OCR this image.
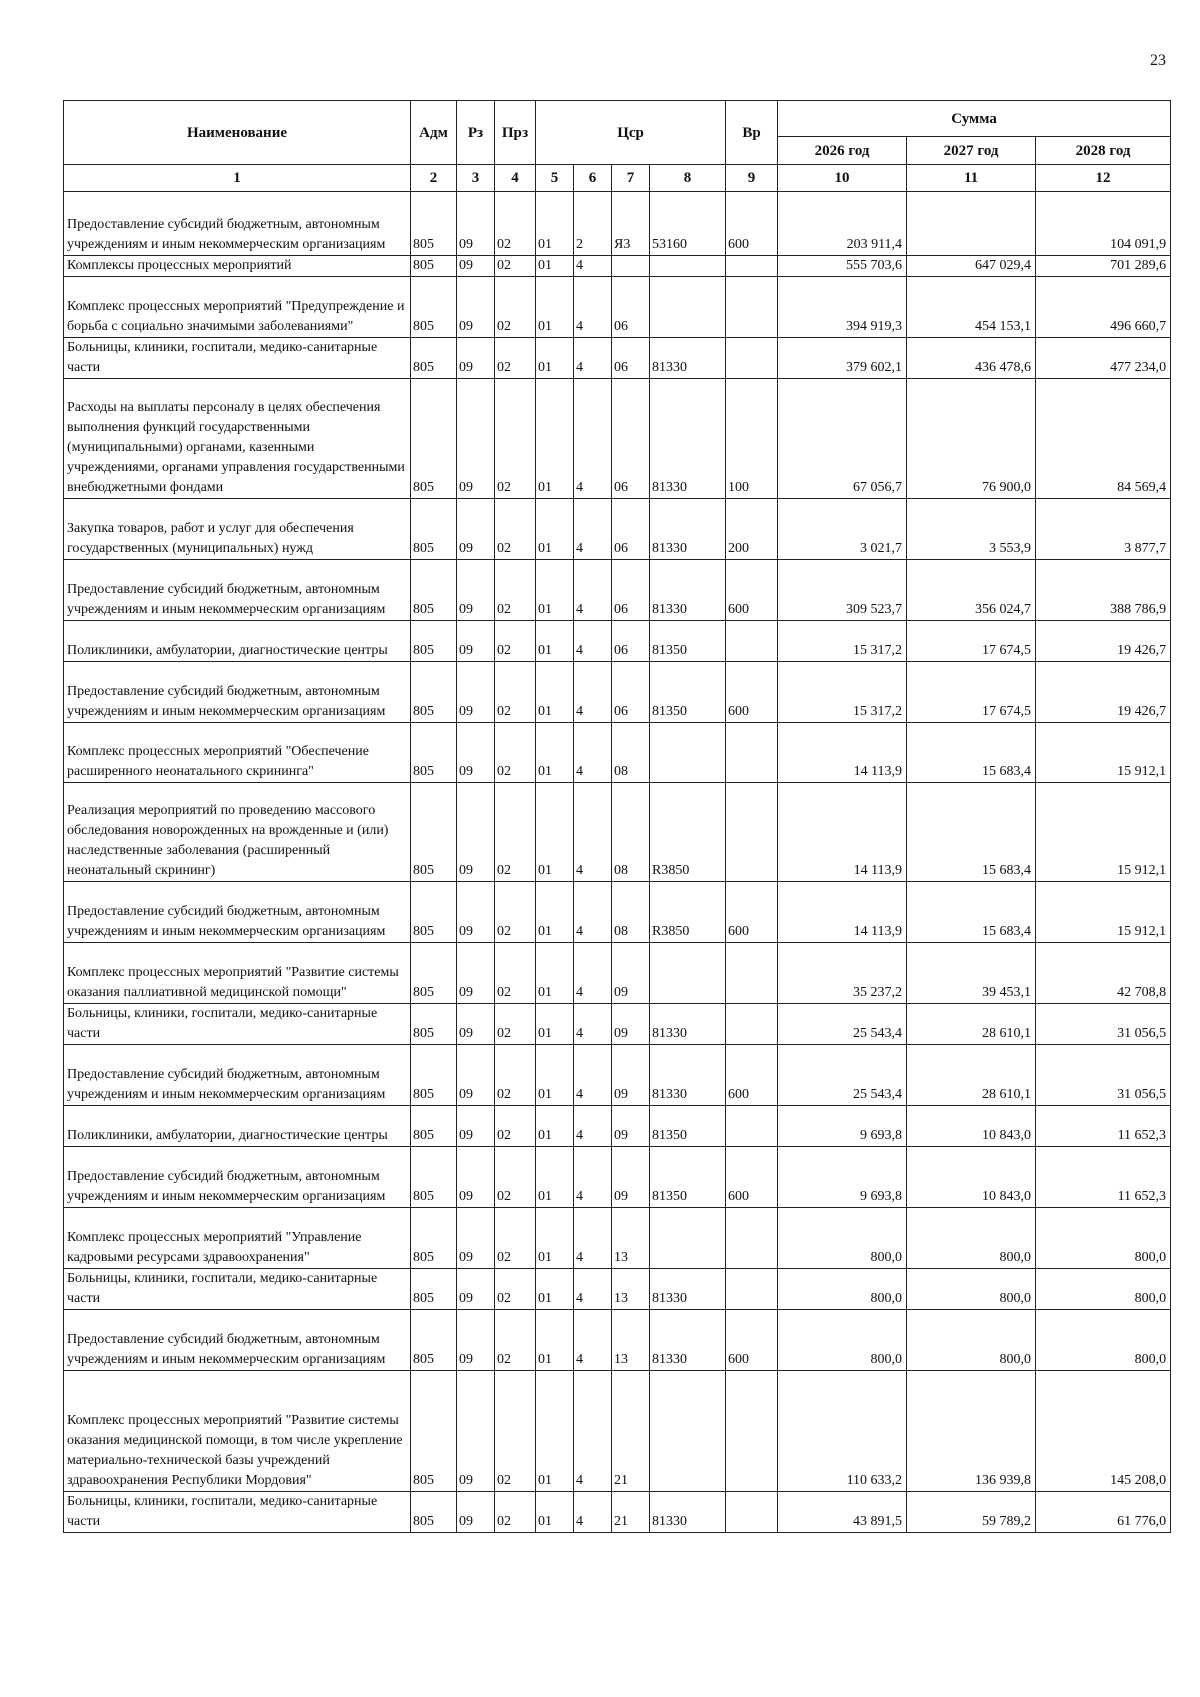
23
Наименование	Адм	Рз	Прз	Цср				Вр	Сумма		
									2026 год	2027 год	2028 год
1	2	3	4	5	6	7	8	9	10	11	12
Предоставление субсидий бюджетным, автономным учреждениям и иным некоммерческим организациям	805	09	02	01	2	Я3	53160	600	203 911,4		104 091,9
Комплексы процессных мероприятий	805	09	02	01	4				555 703,6	647 029,4	701 289,6
Комплекс процессных мероприятий "Предупреждение и борьба с социально значимыми заболеваниями"	805	09	02	01	4	06			394 919,3	454 153,1	496 660,7
Больницы, клиники, госпитали, медико-санитарные части	805	09	02	01	4	06	81330		379 602,1	436 478,6	477 234,0
Расходы на выплаты персоналу в целях обеспечения выполнения функций государственными (муниципальными) органами, казенными учреждениями, органами управления государственными внебюджетными фондами	805	09	02	01	4	06	81330	100	67 056,7	76 900,0	84 569,4
Закупка товаров, работ и услуг для обеспечения государственных (муниципальных) нужд	805	09	02	01	4	06	81330	200	3 021,7	3 553,9	3 877,7
Предоставление субсидий бюджетным, автономным учреждениям и иным некоммерческим организациям	805	09	02	01	4	06	81330	600	309 523,7	356 024,7	388 786,9
Поликлиники, амбулатории, диагностические центры	805	09	02	01	4	06	81350		15 317,2	17 674,5	19 426,7
Предоставление субсидий бюджетным, автономным учреждениям и иным некоммерческим организациям	805	09	02	01	4	06	81350	600	15 317,2	17 674,5	19 426,7
Комплекс процессных мероприятий "Обеспечение расширенного неонатального скрининга"	805	09	02	01	4	08			14 113,9	15 683,4	15 912,1
Реализация мероприятий по проведению массового обследования новорожденных на врожденные и (или) наследственные заболевания (расширенный неонатальный скрининг)	805	09	02	01	4	08	R3850		14 113,9	15 683,4	15 912,1
Предоставление субсидий бюджетным, автономным учреждениям и иным некоммерческим организациям	805	09	02	01	4	08	R3850	600	14 113,9	15 683,4	15 912,1
Комплекс процессных мероприятий "Развитие системы оказания паллиативной медицинской помощи"	805	09	02	01	4	09			35 237,2	39 453,1	42 708,8
Больницы, клиники, госпитали, медико-санитарные части	805	09	02	01	4	09	81330		25 543,4	28 610,1	31 056,5
Предоставление субсидий бюджетным, автономным учреждениям и иным некоммерческим организациям	805	09	02	01	4	09	81330	600	25 543,4	28 610,1	31 056,5
Поликлиники, амбулатории, диагностические центры	805	09	02	01	4	09	81350		9 693,8	10 843,0	11 652,3
Предоставление субсидий бюджетным, автономным учреждениям и иным некоммерческим организациям	805	09	02	01	4	09	81350	600	9 693,8	10 843,0	11 652,3
Комплекс процессных мероприятий "Управление кадровыми ресурсами здравоохранения"	805	09	02	01	4	13			800,0	800,0	800,0
Больницы, клиники, госпитали, медико-санитарные части	805	09	02	01	4	13	81330		800,0	800,0	800,0
Предоставление субсидий бюджетным, автономным учреждениям и иным некоммерческим организациям	805	09	02	01	4	13	81330	600	800,0	800,0	800,0
Комплекс процессных мероприятий "Развитие системы оказания медицинской помощи, в том числе укрепление материально-технической базы учреждений здравоохранения Республики Мордовия"	805	09	02	01	4	21			110 633,2	136 939,8	145 208,0
Больницы, клиники, госпитали, медико-санитарные части	805	09	02	01	4	21	81330		43 891,5	59 789,2	61 776,0
